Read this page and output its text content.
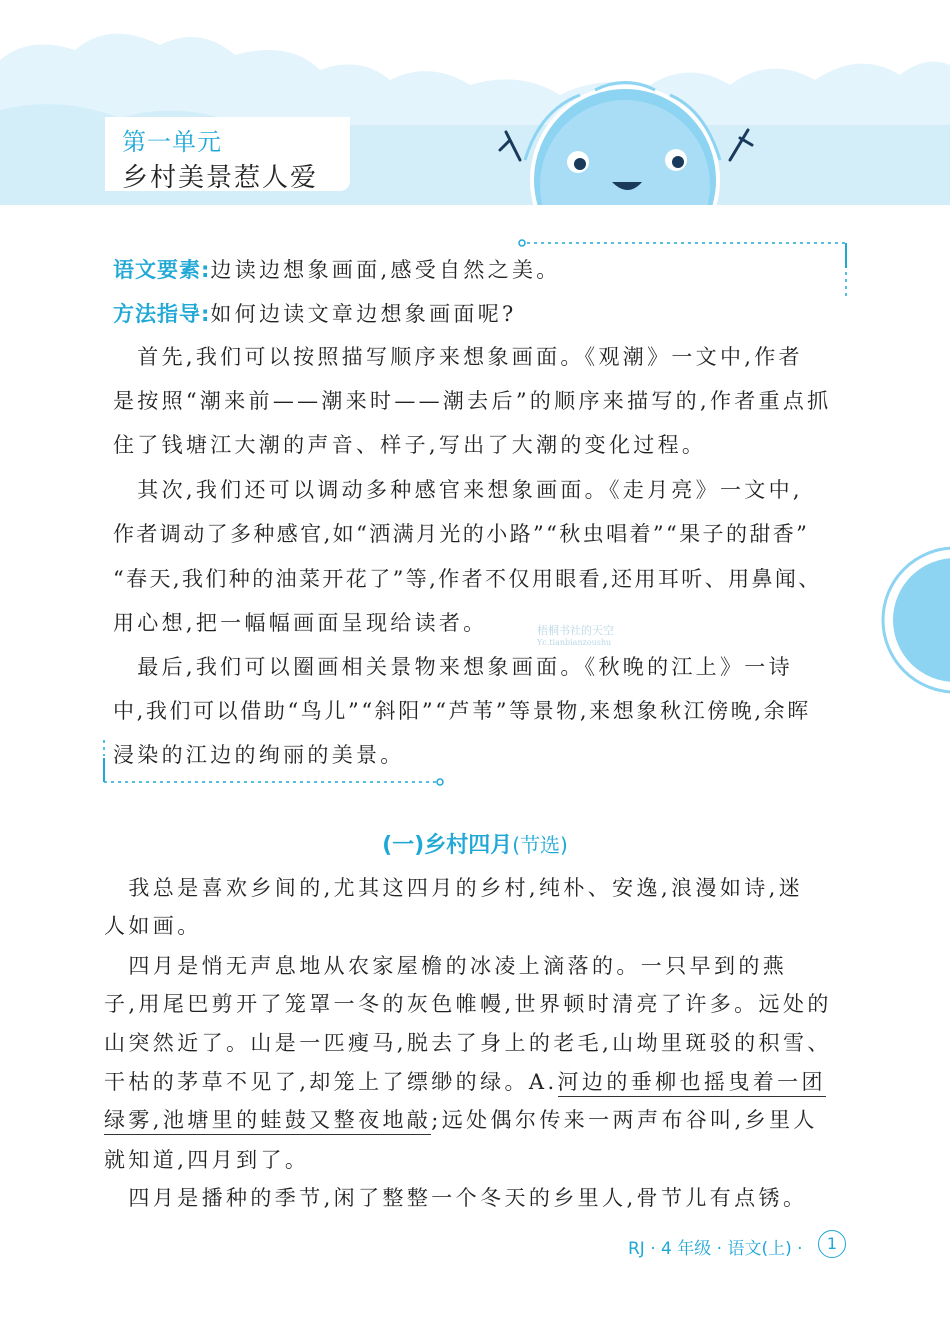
第一单元
乡村美景惹人爱
语文要素:边读边想象画面,感受自然之美。
方法指导:如何边读文章边想象画面呢?
　首先,我们可以按照描写顺序来想象画面。《观潮》一文中,作者
是按照“潮来前——潮来时——潮去后”的顺序来描写的,作者重点抓
住了钱塘江大潮的声音、样子,写出了大潮的变化过程。
　其次,我们还可以调动多种感官来想象画面。《走月亮》一文中,
作者调动了多种感官,如“洒满月光的小路”“秋虫唱着”“果子的甜香”
“春天,我们种的油菜开花了”等,作者不仅用眼看,还用耳听、用鼻闻、
用心想,把一幅幅画面呈现给读者。
　最后,我们可以圈画相关景物来想象画面。《秋晚的江上》一诗
中,我们可以借助“鸟儿”“斜阳”“芦苇”等景物,来想象秋江傍晚,余晖
浸染的江边的绚丽的美景。
梧桐书社的天空
Yc.tianbianzoushu
(一)乡村四月(节选)
　我总是喜欢乡间的,尤其这四月的乡村,纯朴、安逸,浪漫如诗,迷
人如画。
　四月是悄无声息地从农家屋檐的冰凌上滴落的。一只早到的燕
子,用尾巴剪开了笼罩一冬的灰色帷幔,世界顿时清亮了许多。远处的
山突然近了。山是一匹瘦马,脱去了身上的老毛,山坳里斑驳的积雪、
干枯的茅草不见了,却笼上了缥缈的绿。A.河边的垂柳也摇曳着一团
绿雾,池塘里的蛙鼓又整夜地敲;远处偶尔传来一两声布谷叫,乡里人
就知道,四月到了。
　四月是播种的季节,闲了整整一个冬天的乡里人,骨节儿有点锈。
RJ · 4 年级 · 语文(上) ·	1
